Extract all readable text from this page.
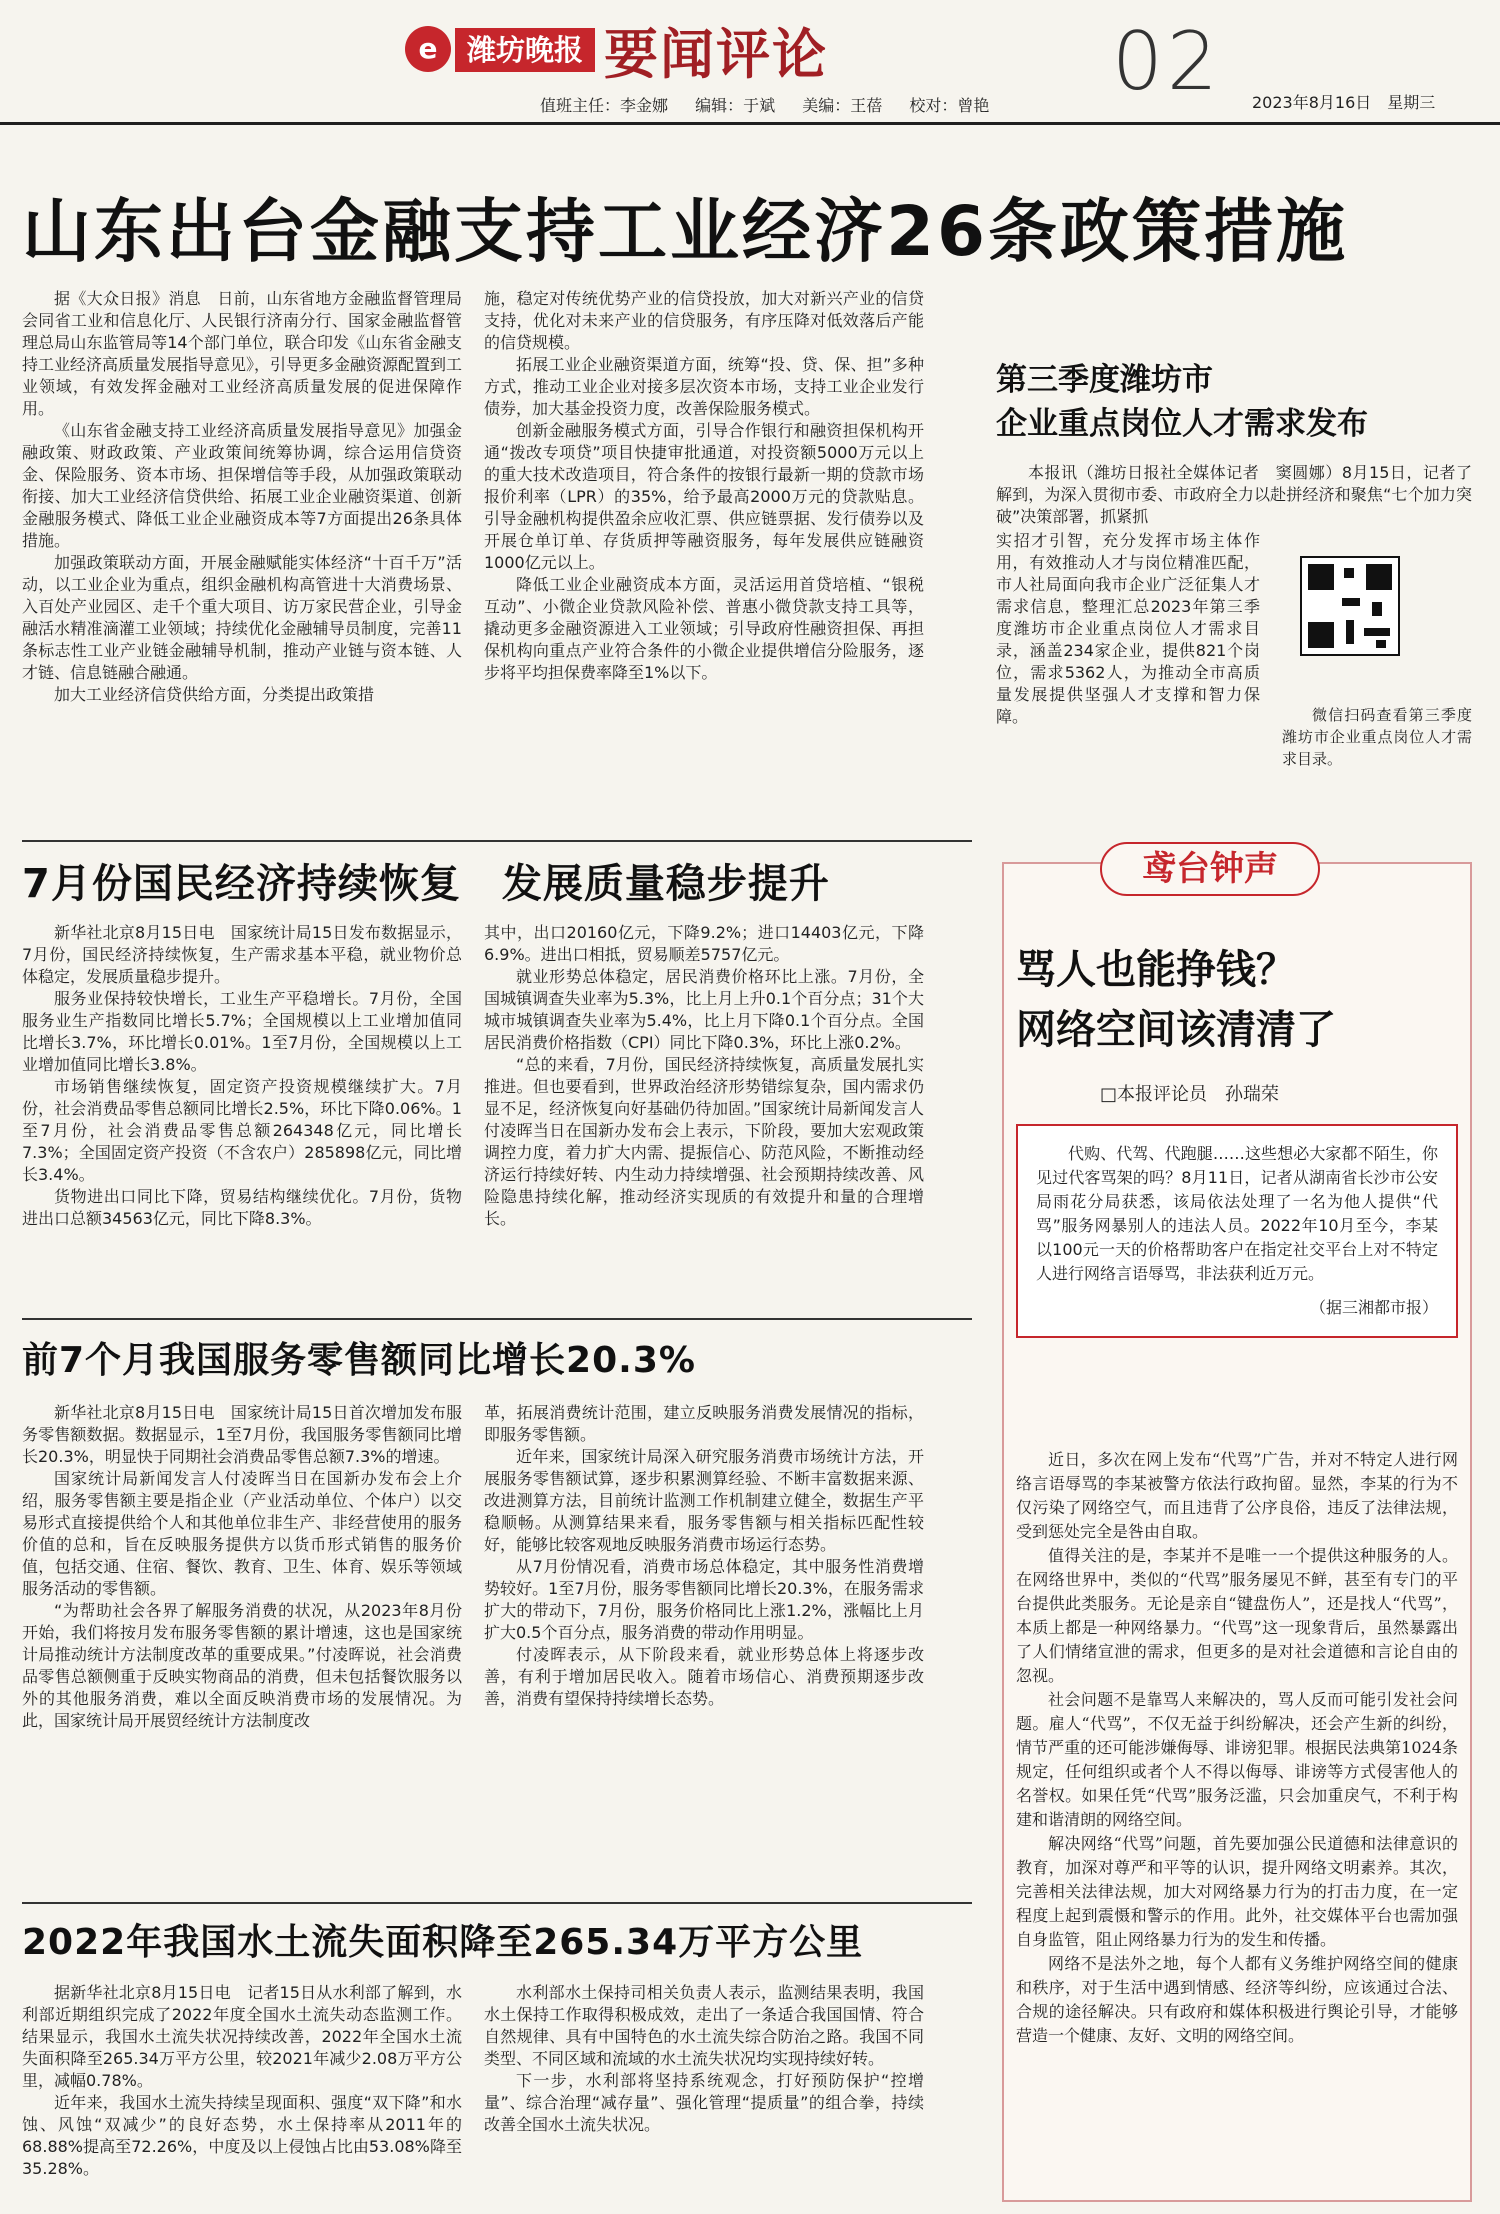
e	潍坊晚报 要闻评论	02 2023年8月16日　星期三
值班主任：李金娜 编辑：于斌 美编：王蓓 校对：曾艳
山东出台金融支持工业经济26条政策措施

据《大众日报》消息　日前，山东省地方金融监督管理局会同省工业和信息化厅、人民银行济南分行、国家金融监督管理总局山东监管局等14个部门单位，联合印发《山东省金融支持工业经济高质量发展指导意见》，引导更多金融资源配置到工业领域，有效发挥金融对工业经济高质量发展的促进保障作用。

《山东省金融支持工业经济高质量发展指导意见》加强金融政策、财政政策、产业政策间统筹协调，综合运用信贷资金、保险服务、资本市场、担保增信等手段，从加强政策联动衔接、加大工业经济信贷供给、拓展工业企业融资渠道、创新金融服务模式、降低工业企业融资成本等7方面提出26条具体措施。

加强政策联动方面，开展金融赋能实体经济“十百千万”活动，以工业企业为重点，组织金融机构高管进十大消费场景、入百处产业园区、走千个重大项目、访万家民营企业，引导金融活水精准滴灌工业领域；持续优化金融辅导员制度，完善11条标志性工业产业链金融辅导机制，推动产业链与资本链、人才链、信息链融合融通。

加大工业经济信贷供给方面，分类提出政策措

施，稳定对传统优势产业的信贷投放，加大对新兴产业的信贷支持，优化对未来产业的信贷服务，有序压降对低效落后产能的信贷规模。

拓展工业企业融资渠道方面，统筹“投、贷、保、担”多种方式，推动工业企业对接多层次资本市场，支持工业企业发行债券，加大基金投资力度，改善保险服务模式。

创新金融服务模式方面，引导合作银行和融资担保机构开通“拨改专项贷”项目快捷审批通道，对投资额5000万元以上的重大技术改造项目，符合条件的按银行最新一期的贷款市场报价利率（LPR）的35%，给予最高2000万元的贷款贴息。引导金融机构提供盈余应收汇票、供应链票据、发行债券以及开展仓单订单、存货质押等融资服务，每年发展供应链融资1000亿元以上。

降低工业企业融资成本方面，灵活运用首贷培植、“银税互动”、小微企业贷款风险补偿、普惠小微贷款支持工具等，撬动更多金融资源进入工业领域；引导政府性融资担保、再担保机构向重点产业符合条件的小微企业提供增信分险服务，逐步将平均担保费率降至1%以下。

第三季度潍坊市
企业重点岗位人才需求发布

本报讯（潍坊日报社全媒体记者　窦圆娜）8月15日，记者了解到，为深入贯彻市委、市政府全力以赴拼经济和聚焦“七个加力突破”决策部署，抓紧抓

实招才引智，充分发挥市场主体作用，有效推动人才与岗位精准匹配，市人社局面向我市企业广泛征集人才需求信息，整理汇总2023年第三季度潍坊市企业重点岗位人才需求目录，涵盖234家企业，提供821个岗位，需求5362人，为推动全市高质量发展提供坚强人才支撑和智力保障。	微信扫码查看第三季度潍坊市企业重点岗位人才需求目录。

7月份国民经济持续恢复　发展质量稳步提升

新华社北京8月15日电　国家统计局15日发布数据显示，7月份，国民经济持续恢复，生产需求基本平稳，就业物价总体稳定，发展质量稳步提升。

服务业保持较快增长，工业生产平稳增长。7月份，全国服务业生产指数同比增长5.7%；全国规模以上工业增加值同比增长3.7%，环比增长0.01%。1至7月份，全国规模以上工业增加值同比增长3.8%。

市场销售继续恢复，固定资产投资规模继续扩大。7月份，社会消费品零售总额同比增长2.5%，环比下降0.06%。1至7月份，社会消费品零售总额264348亿元，同比增长7.3%；全国固定资产投资（不含农户）285898亿元，同比增长3.4%。

货物进出口同比下降，贸易结构继续优化。7月份，货物进出口总额34563亿元，同比下降8.3%。

其中，出口20160亿元，下降9.2%；进口14403亿元，下降6.9%。进出口相抵，贸易顺差5757亿元。

就业形势总体稳定，居民消费价格环比上涨。7月份，全国城镇调查失业率为5.3%，比上月上升0.1个百分点；31个大城市城镇调查失业率为5.4%，比上月下降0.1个百分点。全国居民消费价格指数（CPI）同比下降0.3%，环比上涨0.2%。

“总的来看，7月份，国民经济持续恢复，高质量发展扎实推进。但也要看到，世界政治经济形势错综复杂，国内需求仍显不足，经济恢复向好基础仍待加固。”国家统计局新闻发言人付凌晖当日在国新办发布会上表示，下阶段，要加大宏观政策调控力度，着力扩大内需、提振信心、防范风险，不断推动经济运行持续好转、内生动力持续增强、社会预期持续改善、风险隐患持续化解，推动经济实现质的有效提升和量的合理增长。

前7个月我国服务零售额同比增长20.3%

新华社北京8月15日电　国家统计局15日首次增加发布服务零售额数据。数据显示，1至7月份，我国服务零售额同比增长20.3%，明显快于同期社会消费品零售总额7.3%的增速。

国家统计局新闻发言人付凌晖当日在国新办发布会上介绍，服务零售额主要是指企业（产业活动单位、个体户）以交易形式直接提供给个人和其他单位非生产、非经营使用的服务价值的总和，旨在反映服务提供方以货币形式销售的服务价值，包括交通、住宿、餐饮、教育、卫生、体育、娱乐等领域服务活动的零售额。

“为帮助社会各界了解服务消费的状况，从2023年8月份开始，我们将按月发布服务零售额的累计增速，这也是国家统计局推动统计方法制度改革的重要成果。”付凌晖说，社会消费品零售总额侧重于反映实物商品的消费，但未包括餐饮服务以外的其他服务消费，难以全面反映消费市场的发展情况。为此，国家统计局开展贸经统计方法制度改

革，拓展消费统计范围，建立反映服务消费发展情况的指标，即服务零售额。

近年来，国家统计局深入研究服务消费市场统计方法，开展服务零售额试算，逐步积累测算经验、不断丰富数据来源、改进测算方法，目前统计监测工作机制建立健全，数据生产平稳顺畅。从测算结果来看，服务零售额与相关指标匹配性较好，能够比较客观地反映服务消费市场运行态势。

从7月份情况看，消费市场总体稳定，其中服务性消费增势较好。1至7月份，服务零售额同比增长20.3%，在服务需求扩大的带动下，7月份，服务价格同比上涨1.2%，涨幅比上月扩大0.5个百分点，服务消费的带动作用明显。

付凌晖表示，从下阶段来看，就业形势总体上将逐步改善，有利于增加居民收入。随着市场信心、消费预期逐步改善，消费有望保持持续增长态势。

2022年我国水土流失面积降至265.34万平方公里

据新华社北京8月15日电　记者15日从水利部了解到，水利部近期组织完成了2022年度全国水土流失动态监测工作。结果显示，我国水土流失状况持续改善，2022年全国水土流失面积降至265.34万平方公里，较2021年减少2.08万平方公里，减幅0.78%。

近年来，我国水土流失持续呈现面积、强度“双下降”和水蚀、风蚀“双减少”的良好态势，水土保持率从2011年的68.88%提高至72.26%，中度及以上侵蚀占比由53.08%降至35.28%。

水利部水土保持司相关负责人表示，监测结果表明，我国水土保持工作取得积极成效，走出了一条适合我国国情、符合自然规律、具有中国特色的水土流失综合防治之路。我国不同类型、不同区域和流域的水土流失状况均实现持续好转。

下一步，水利部将坚持系统观念，打好预防保护“控增量”、综合治理“减存量”、强化管理“提质量”的组合拳，持续改善全国水土流失状况。

鸢台钟声
骂人也能挣钱？
网络空间该清清了
□本报评论员　孙瑞荣

代购、代驾、代跑腿……这些想必大家都不陌生，你见过代客骂架的吗？8月11日，记者从湖南省长沙市公安局雨花分局获悉，该局依法处理了一名为他人提供“代骂”服务网暴别人的违法人员。2022年10月至今，李某以100元一天的价格帮助客户在指定社交平台上对不特定人进行网络言语辱骂，非法获利近万元。

（据三湘都市报）

近日，多次在网上发布“代骂”广告，并对不特定人进行网络言语辱骂的李某被警方依法行政拘留。显然，李某的行为不仅污染了网络空气，而且违背了公序良俗，违反了法律法规，受到惩处完全是咎由自取。

值得关注的是，李某并不是唯一一个提供这种服务的人。在网络世界中，类似的“代骂”服务屡见不鲜，甚至有专门的平台提供此类服务。无论是亲自“键盘伤人”，还是找人“代骂”，本质上都是一种网络暴力。“代骂”这一现象背后，虽然暴露出了人们情绪宣泄的需求，但更多的是对社会道德和言论自由的忽视。

社会问题不是靠骂人来解决的，骂人反而可能引发社会问题。雇人“代骂”，不仅无益于纠纷解决，还会产生新的纠纷，情节严重的还可能涉嫌侮辱、诽谤犯罪。根据民法典第1024条规定，任何组织或者个人不得以侮辱、诽谤等方式侵害他人的名誉权。如果任凭“代骂”服务泛滥，只会加重戾气，不利于构建和谐清朗的网络空间。

解决网络“代骂”问题，首先要加强公民道德和法律意识的教育，加深对尊严和平等的认识，提升网络文明素养。其次，完善相关法律法规，加大对网络暴力行为的打击力度，在一定程度上起到震慑和警示的作用。此外，社交媒体平台也需加强自身监管，阻止网络暴力行为的发生和传播。

网络不是法外之地，每个人都有义务维护网络空间的健康和秩序，对于生活中遇到情感、经济等纠纷，应该通过合法、合规的途径解决。只有政府和媒体积极进行舆论引导，才能够营造一个健康、友好、文明的网络空间。
